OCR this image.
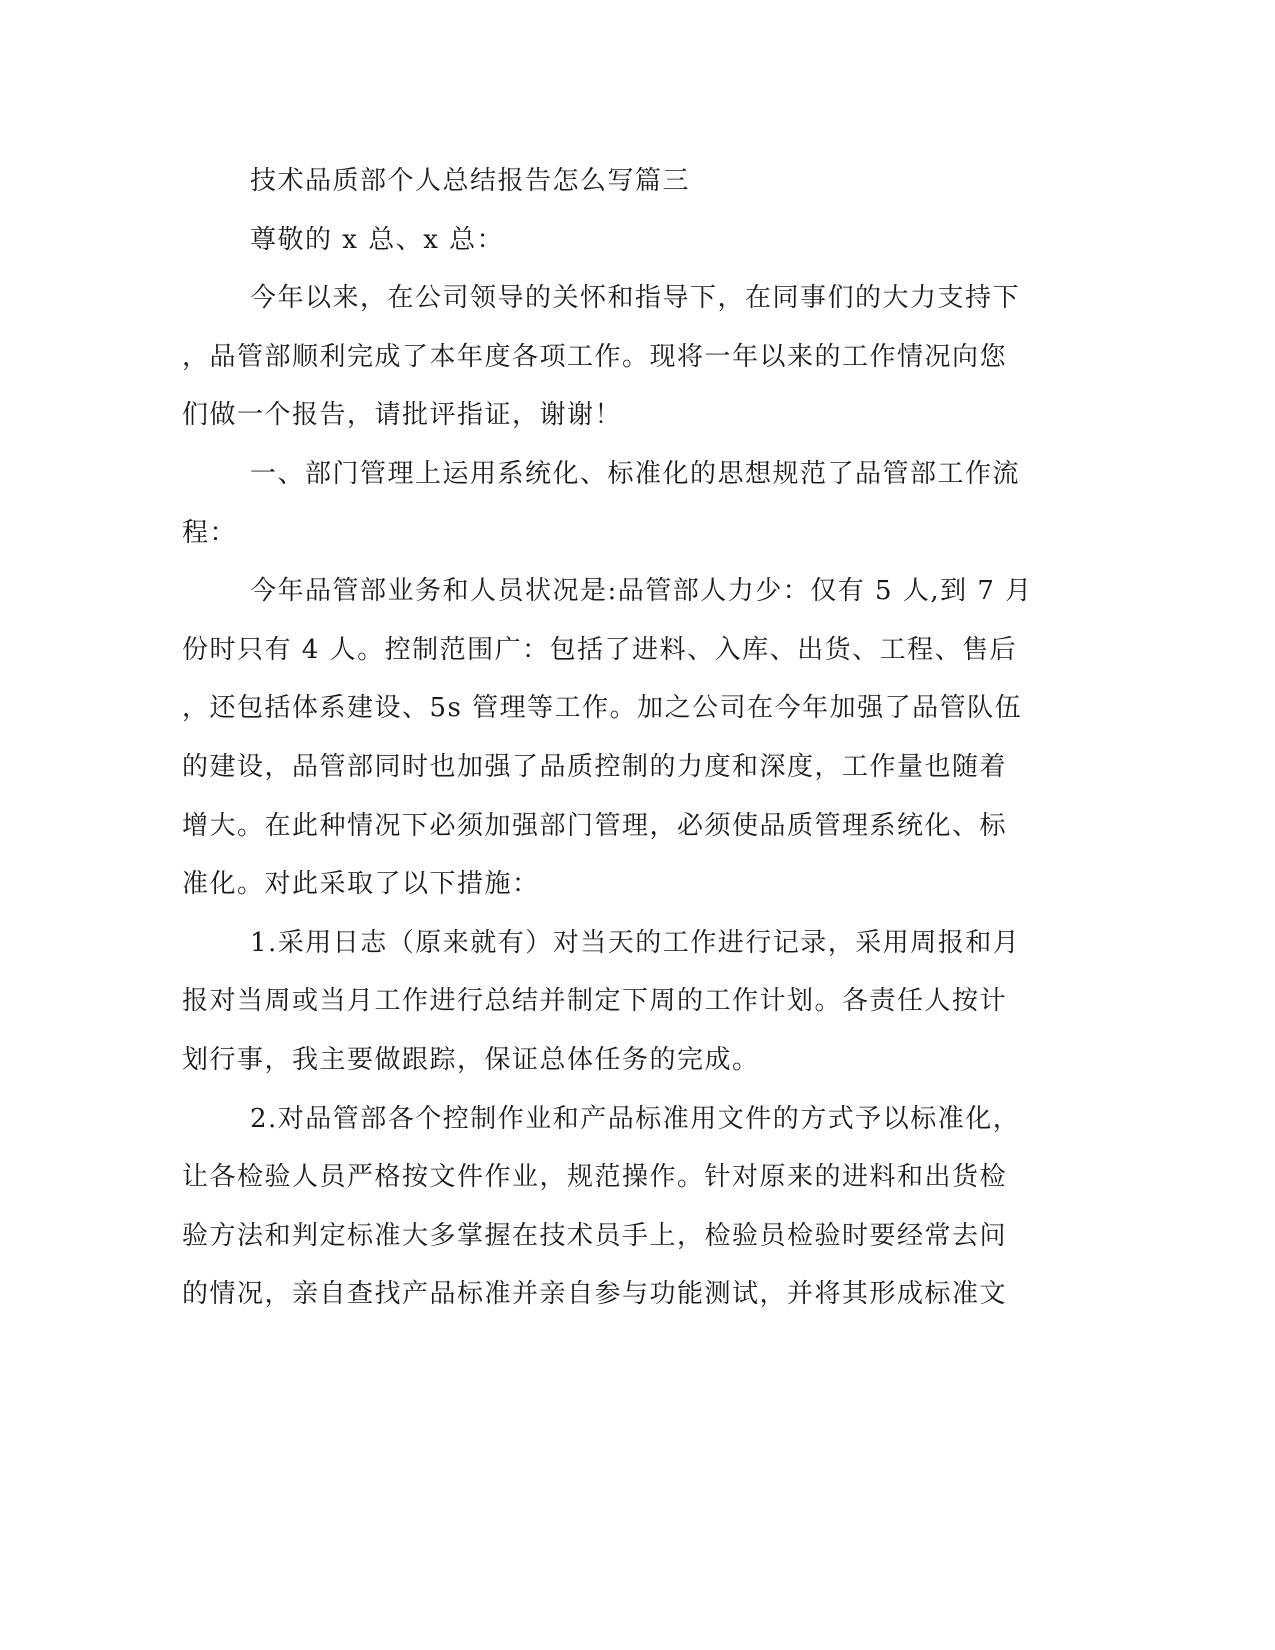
技术品质部个人总结报告怎么写篇三

尊敬的 x 总、x 总：

今年以来，在公司领导的关怀和指导下，在同事们的大力支持下

，品管部顺利完成了本年度各项工作。现将一年以来的工作情况向您

们做一个报告，请批评指证，谢谢！

一、部门管理上运用系统化、标准化的思想规范了品管部工作流

程：

今年品管部业务和人员状况是:品管部人力少：仅有 5 人,到 7 月

份时只有 4 人。控制范围广：包括了进料、入库、出货、工程、售后

，还包括体系建设、5s 管理等工作。加之公司在今年加强了品管队伍

的建设，品管部同时也加强了品质控制的力度和深度，工作量也随着

增大。在此种情况下必须加强部门管理，必须使品质管理系统化、标

准化。对此采取了以下措施：

1.采用日志（原来就有）对当天的工作进行记录，采用周报和月

报对当周或当月工作进行总结并制定下周的工作计划。各责任人按计

划行事，我主要做跟踪，保证总体任务的完成。

2.对品管部各个控制作业和产品标准用文件的方式予以标准化，

让各检验人员严格按文件作业，规范操作。针对原来的进料和出货检

验方法和判定标准大多掌握在技术员手上，检验员检验时要经常去问

的情况，亲自查找产品标准并亲自参与功能测试，并将其形成标准文
